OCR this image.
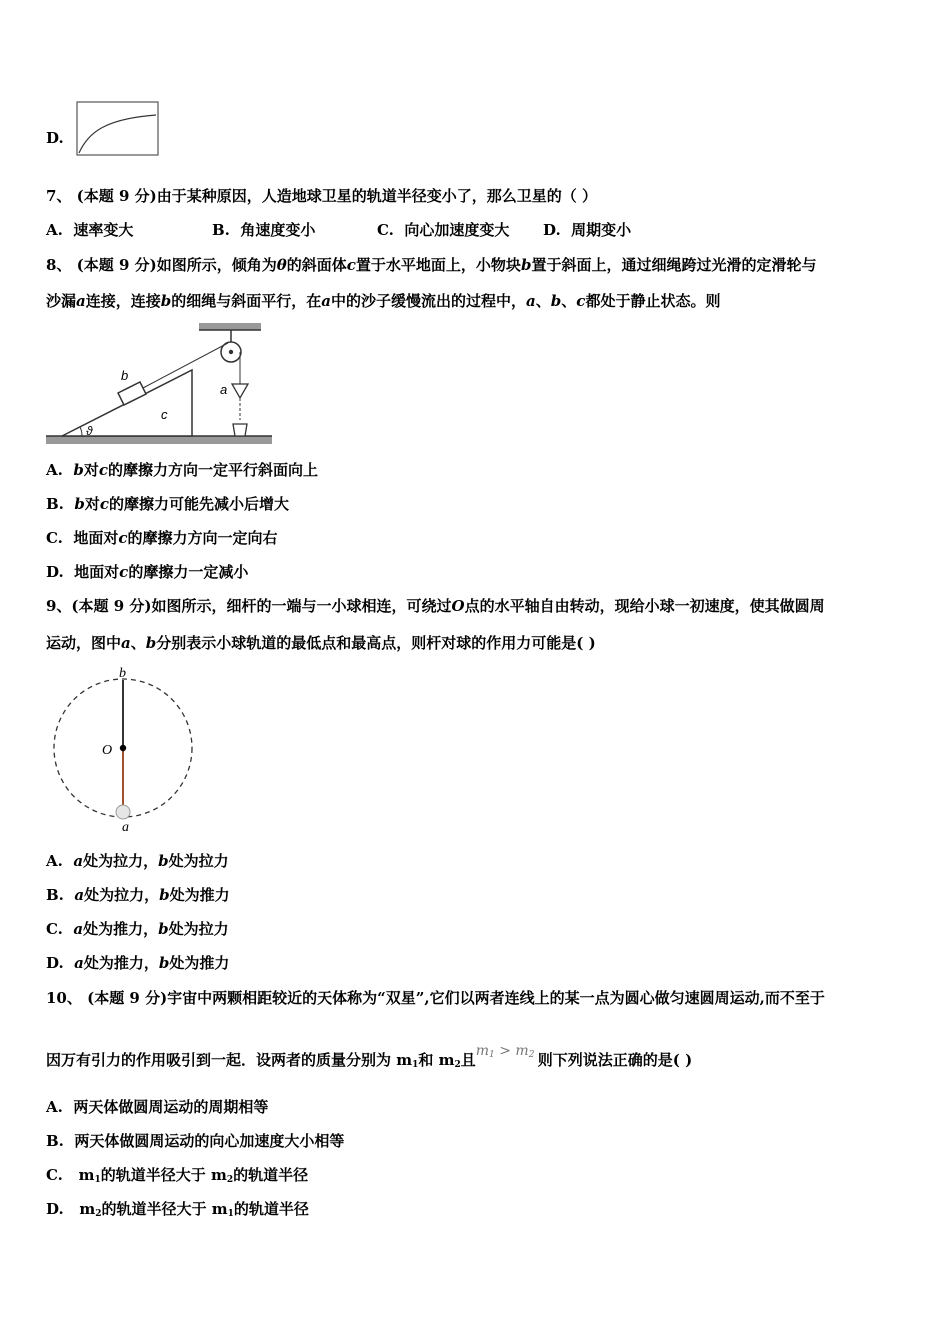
D.
7、 (本题 9 分)由于某种原因，人造地球卫星的轨道半径变小了，那么卫星的（ ）
A. 速率变大	B. 角速度变小	C. 向心加速度变大 D. 周期变小
8、 (本题 9 分)如图所示，倾角为θ的斜面体c置于水平地面上，小物块b置于斜面上，通过细绳跨过光滑的定滑轮与
沙漏a连接，连接b的细绳与斜面平行，在a中的沙子缓慢流出的过程中，a、b、c都处于静止状态。则
b
c
a
ϑ
A. b对c的摩擦力方向一定平行斜面向上
B. b对c的摩擦力可能先减小后增大
C. 地面对c的摩擦力方向一定向右
D. 地面对c的摩擦力一定减小
9、(本题 9 分)如图所示，细杆的一端与一小球相连，可绕过O点的水平轴自由转动，现给小球一初速度，使其做圆周
运动，图中a、b分别表示小球轨道的最低点和最高点，则杆对球的作用力可能是( )
b
O
a
A. a处为拉力，b处为拉力
B. a处为拉力，b处为推力
C. a处为推力，b处为拉力
D. a处为推力，b处为推力
10、 (本题 9 分)宇宙中两颗相距较近的天体称为“双星”,它们以两者连线上的某一点为圆心做匀速圆周运动,而不至于
因万有引力的作用吸引到一起．设两者的质量分别为 $m_1$和 $m_2$且$m_1 > m_2$ 则下列说法正确的是( )
A. 两天体做圆周运动的周期相等
B. 两天体做圆周运动的向心加速度大小相等
C. $m_1$的轨道半径大于 $m_2$的轨道半径
D. $m_2$的轨道半径大于 $m_1$的轨道半径
